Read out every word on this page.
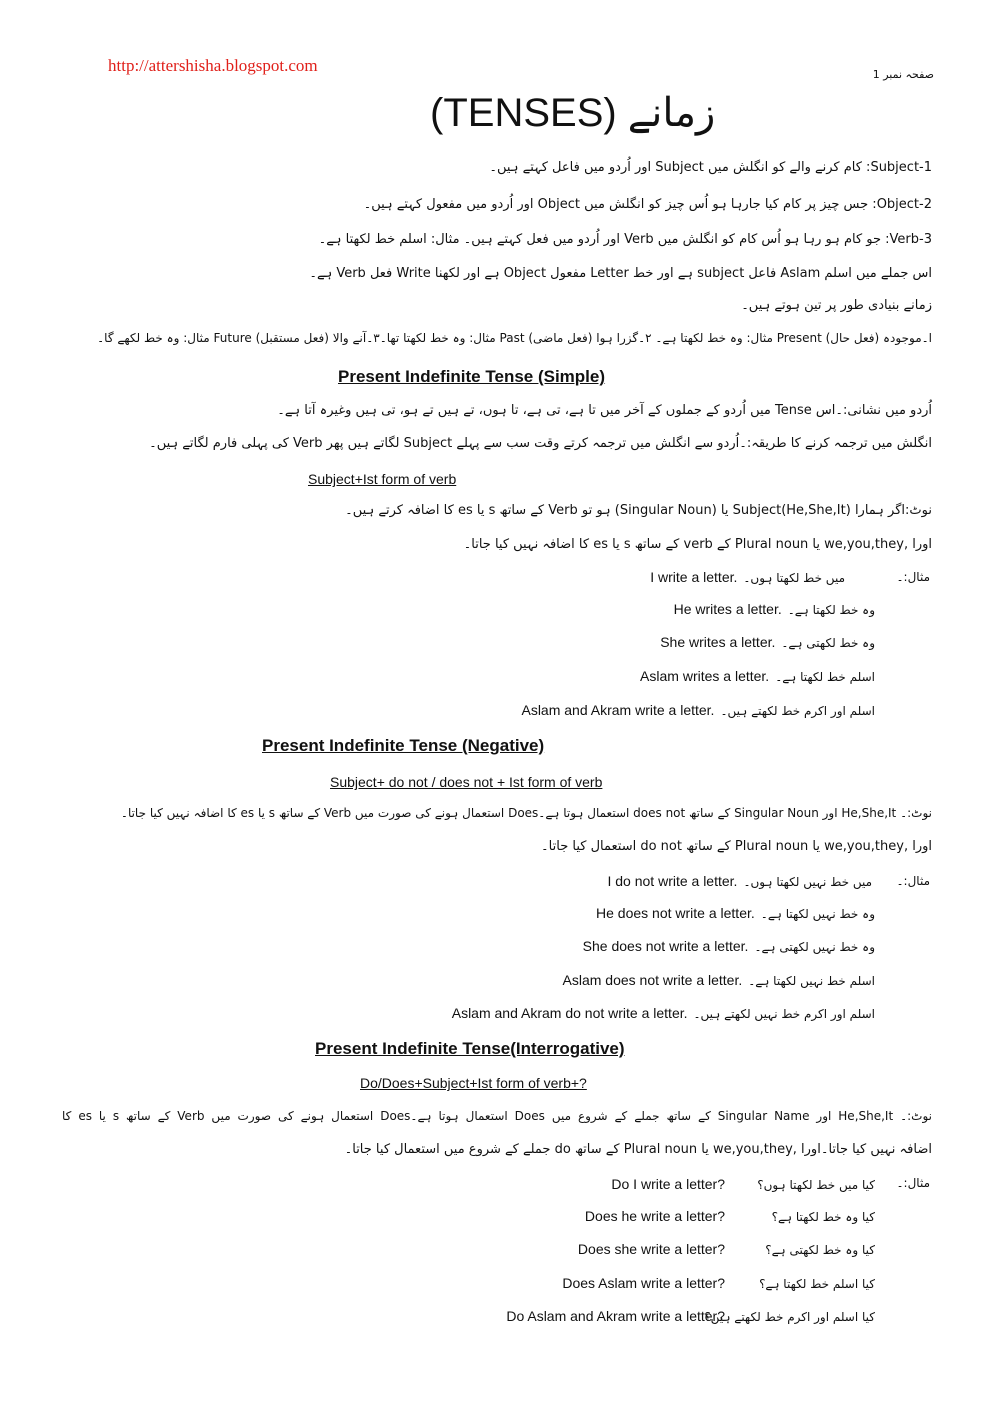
http://attershisha.blogspot.com	صفحہ نمبر 1
زمانے (TENSES)
Subject-1: کام کرنے والے کو انگلش میں Subject اور اُردو میں فاعل کہتے ہیں۔
Object-2: جس چیز پر کام کیا جارہا ہو اُس چیز کو انگلش میں Object اور اُردو میں مفعول کہتے ہیں۔
Verb-3: جو کام ہو رہا ہو اُس کام کو انگلش میں Verb اور اُردو میں فعل کہتے ہیں۔ مثال: اسلم خط لکھتا ہے۔
اس جملے میں اسلم Aslam فاعل subject ہے اور خط Letter مفعول Object ہے اور لکھنا Write فعل Verb ہے۔
زمانے بنیادی طور پر تین ہوتے ہیں۔
ا۔موجودہ (فعل حال) Present مثال: وہ خط لکھتا ہے۔ ۲۔گزرا ہوا (فعل ماضی) Past مثال: وہ خط لکھتا تھا۔۳۔آنے والا (فعل مستقبل) Future مثال: وہ خط لکھے گا۔
Present Indefinite Tense (Simple)
اُردو میں نشانی:۔اس Tense میں اُردو کے جملوں کے آخر میں تا ہے، تی ہے، تا ہوں، تے ہیں تے ہو، تی ہیں وغیرہ آتا ہے۔
انگلش میں ترجمہ کرنے کا طریقہ:۔اُردو سے انگلش میں ترجمہ کرتے وقت سب سے پہلے Subject لگاتے ہیں پھر Verb کی پہلی فارم لگاتے ہیں۔
Subject+Ist form of verb
نوٹ:اگر ہمارا Subject(He,She,It) یا (Singular Noun) ہو تو Verb کے ساتھ s یا es کا اضافہ کرتے ہیں۔
اورا ,we,you,they یا Plural noun کے verb کے ساتھ s یا es کا اضافہ نہیں کیا جاتا۔
مثال:۔
میں خط لکھتا ہوں۔
I write a letter.
وہ خط لکھتا ہے۔
He writes a letter.
وہ خط لکھتی ہے۔
She writes a letter.
اسلم خط لکھتا ہے۔
Aslam writes a letter.
اسلم اور اکرم خط لکھتے ہیں۔
Aslam and Akram write a letter.
Present Indefinite Tense (Negative)
Subject+ do not / does not + Ist form of verb
نوٹ:۔ He,She,It اور Singular Noun کے ساتھ does not استعمال ہوتا ہے۔Does استعمال ہونے کی صورت میں Verb کے ساتھ s یا es کا اضافہ نہیں کیا جاتا۔
اورا ,we,you,they یا Plural noun کے ساتھ do not استعمال کیا جاتا۔
مثال:۔
میں خط نہیں لکھتا ہوں۔
I do not write a letter.
وہ خط نہیں لکھتا ہے۔
He does not write a letter.
وہ خط نہیں لکھتی ہے۔
She does not write a letter.
اسلم خط نہیں لکھتا ہے۔
Aslam does not write a letter.
اسلم اور اکرم خط نہیں لکھتے ہیں۔
Aslam and Akram do not write a letter.
Present Indefinite Tense(Interrogative)
Do/Does+Subject+Ist form of verb+?
نوٹ:۔ He,She,It اور Singular Name کے ساتھ جملے کے شروع میں Does استعمال ہوتا ہے۔Does استعمال ہونے کی صورت میں Verb کے ساتھ s یا es کا
اضافہ نہیں کیا جاتا۔اورا ,we,you,they یا Plural noun کے ساتھ do جملے کے شروع میں استعمال کیا جاتا۔
مثال:۔
کیا میں خط لکھتا ہوں؟
Do I write a letter?
کیا وہ خط لکھتا ہے؟
Does he write a letter?
کیا وہ خط لکھتی ہے؟
Does she write a letter?
کیا اسلم خط لکھتا ہے؟
Does Aslam write a letter?
کیا اسلم اور اکرم خط لکھتے ہیں؟
Do Aslam and Akram write a letter?
